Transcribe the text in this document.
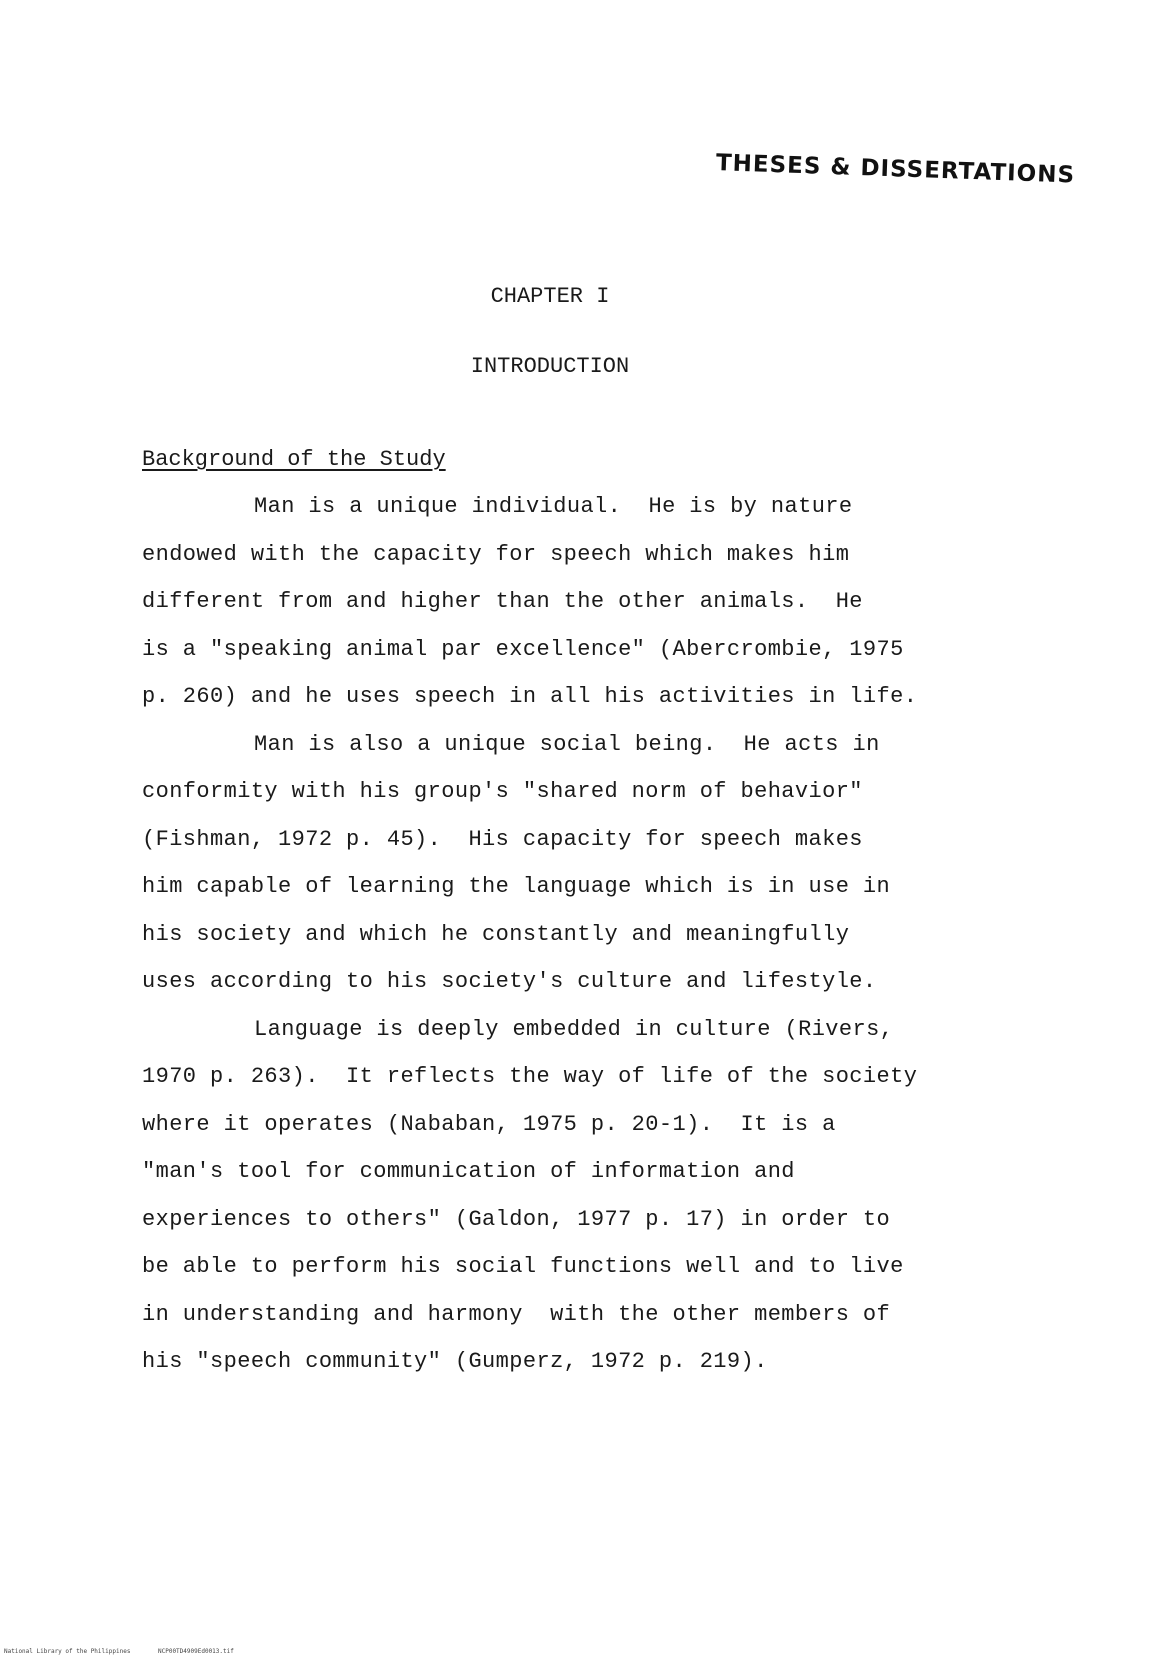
THESES & DISSERTATIONS
CHAPTER I
INTRODUCTION
Background of the Study
Man is a unique individual.  He is by nature
endowed with the capacity for speech which makes him
different from and higher than the other animals.  He
is a "speaking animal par excellence" (Abercrombie, 1975
p. 260) and he uses speech in all his activities in life.
Man is also a unique social being.  He acts in
conformity with his group's "shared norm of behavior"
(Fishman, 1972 p. 45).  His capacity for speech makes
him capable of learning the language which is in use in
his society and which he constantly and meaningfully
uses according to his society's culture and lifestyle.
Language is deeply embedded in culture (Rivers,
1970 p. 263).  It reflects the way of life of the society
where it operates (Nababan, 1975 p. 20-1).  It is a
"man's tool for communication of information and
experiences to others" (Galdon, 1977 p. 17) in order to
be able to perform his social functions well and to live
in understanding and harmony  with the other members of
his "speech community" (Gumperz, 1972 p. 219).
National Library of the Philippines	NCP00TD4909Ed0013.tif
